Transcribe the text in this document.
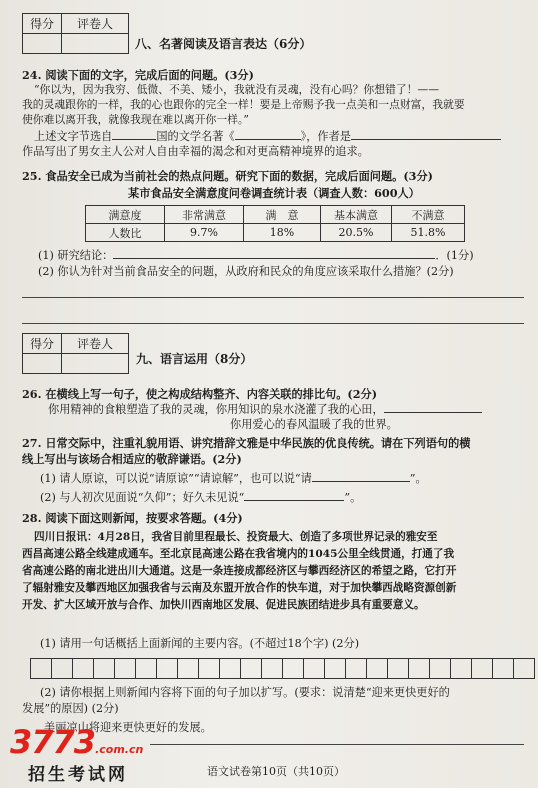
得分	评卷人

八、名著阅读及语言表达（6分）
24. 阅读下面的文字，完成后面的问题。(3分)
“你以为，因为我穷、低微、不美、矮小，我就没有灵魂，没有心吗？你想错了！——
我的灵魂跟你的一样，我的心也跟你的完全一样！要是上帝赐予我一点美和一点财富，我就要
使你难以离开我，就像我现在难以离开你一样。”
上述文字节选自	国的文学名著《	》，作者是
作品写出了男女主人公对人自由幸福的渴念和对更高精神境界的追求。
25. 食品安全已成为当前社会的热点问题。研究下面的数据，完成后面问题。(3分)
某市食品安全满意度问卷调查统计表（调查人数：600人）
满意度	非常满意	满　意	基本满意	不满意
人数比	9.7%	18%	20.5%	51.8%
(1) 研究结论：	．(1分)
(2) 你认为针对当前食品安全的问题，从政府和民众的角度应该采取什么措施？(2分)
得分	评卷人

九、语言运用（8分）
26. 在横线上写一句子，使之构成结构整齐、内容关联的排比句。(2分)
你用精神的食粮塑造了我的灵魂，你用知识的泉水浇灌了我的心田，
你用爱心的春风温暖了我的世界。
27. 日常交际中，注重礼貌用语、讲究措辞文雅是中华民族的优良传统。请在下列语句的横
线上写出与该场合相适应的敬辞谦语。(2分)
(1) 请人原谅，可以说“请原谅”“请谅解”，也可以说“请	”。
(2) 与人初次见面说“久仰”；好久未见说“	”。
28. 阅读下面这则新闻，按要求答题。(4分)
四川日报讯：4月28日，我省目前里程最长、投资最大、创造了多项世界记录的雅安至
西昌高速公路全线建成通车。至北京昆高速公路在我省境内的1045公里全线贯通，打通了我
省高速公路的南北进出川大通道。这是一条连接成都经济区与攀西经济区的希望之路，它打开
了辐射雅安及攀西地区加强我省与云南及东盟开放合作的快车道，对于加快攀西战略资源创新
开发、扩大区域开放与合作、加快川西南地区发展、促进民族团结进步具有重要意义。
(1) 请用一句话概括上面新闻的主要内容。(不超过18个字) (2分)
(2) 请你根据上则新闻内容将下面的句子加以扩写。(要求：说清楚“迎来更快更好的
发展”的原因) (2分)
美丽凉山将迎来更快更好的发展。
3773.com.cn
招生考试网	语文试卷第10页（共10页）
